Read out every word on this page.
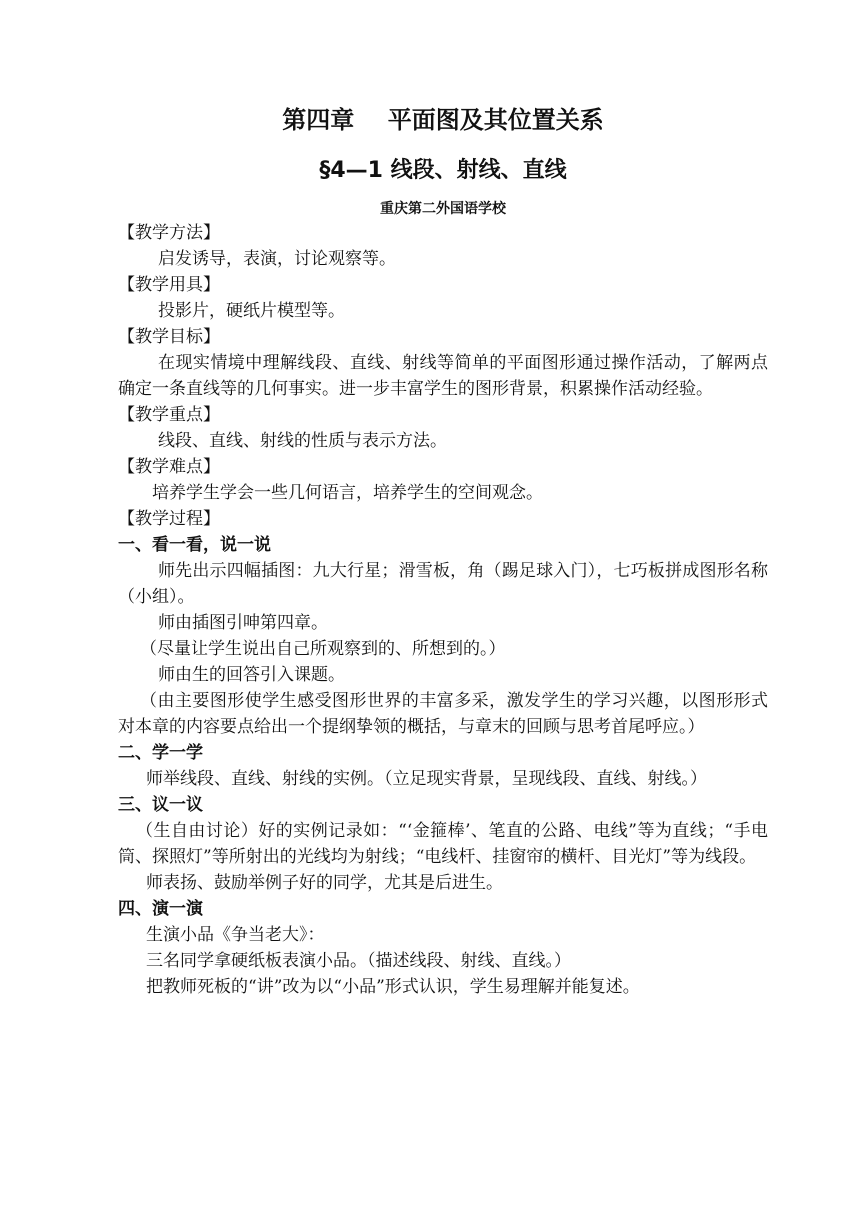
第四章    平面图及其位置关系
§4—1 线段、射线、直线
重庆第二外国语学校
【教学方法】
启发诱导，表演，讨论观察等。
【教学用具】
投影片，硬纸片模型等。
【教学目标】
在现实情境中理解线段、直线、射线等简单的平面图形通过操作活动，了解两点确定一条直线等的几何事实。进一步丰富学生的图形背景，积累操作活动经验。
【教学重点】
线段、直线、射线的性质与表示方法。
【教学难点】
培养学生学会一些几何语言，培养学生的空间观念。
【教学过程】
一、看一看，说一说
师先出示四幅插图：九大行星；滑雪板，角（踢足球入门），七巧板拼成图形名称（小组）。
师由插图引呻第四章。
（尽量让学生说出自己所观察到的、所想到的。）
师由生的回答引入课题。
（由主要图形使学生感受图形世界的丰富多采，激发学生的学习兴趣，以图形形式对本章的内容要点给出一个提纲挚领的概括，与章末的回顾与思考首尾呼应。）
二、学一学
师举线段、直线、射线的实例。（立足现实背景，呈现线段、直线、射线。）
三、议一议
（生自由讨论）好的实例记录如：“‘金箍棒’、笔直的公路、电线”等为直线；“手电筒、探照灯”等所射出的光线均为射线；“电线杆、挂窗帘的横杆、目光灯”等为线段。
师表扬、鼓励举例子好的同学，尤其是后进生。
四、演一演
生演小品《争当老大》：
三名同学拿硬纸板表演小品。（描述线段、射线、直线。）
把教师死板的“讲”改为以“小品”形式认识，学生易理解并能复述。
